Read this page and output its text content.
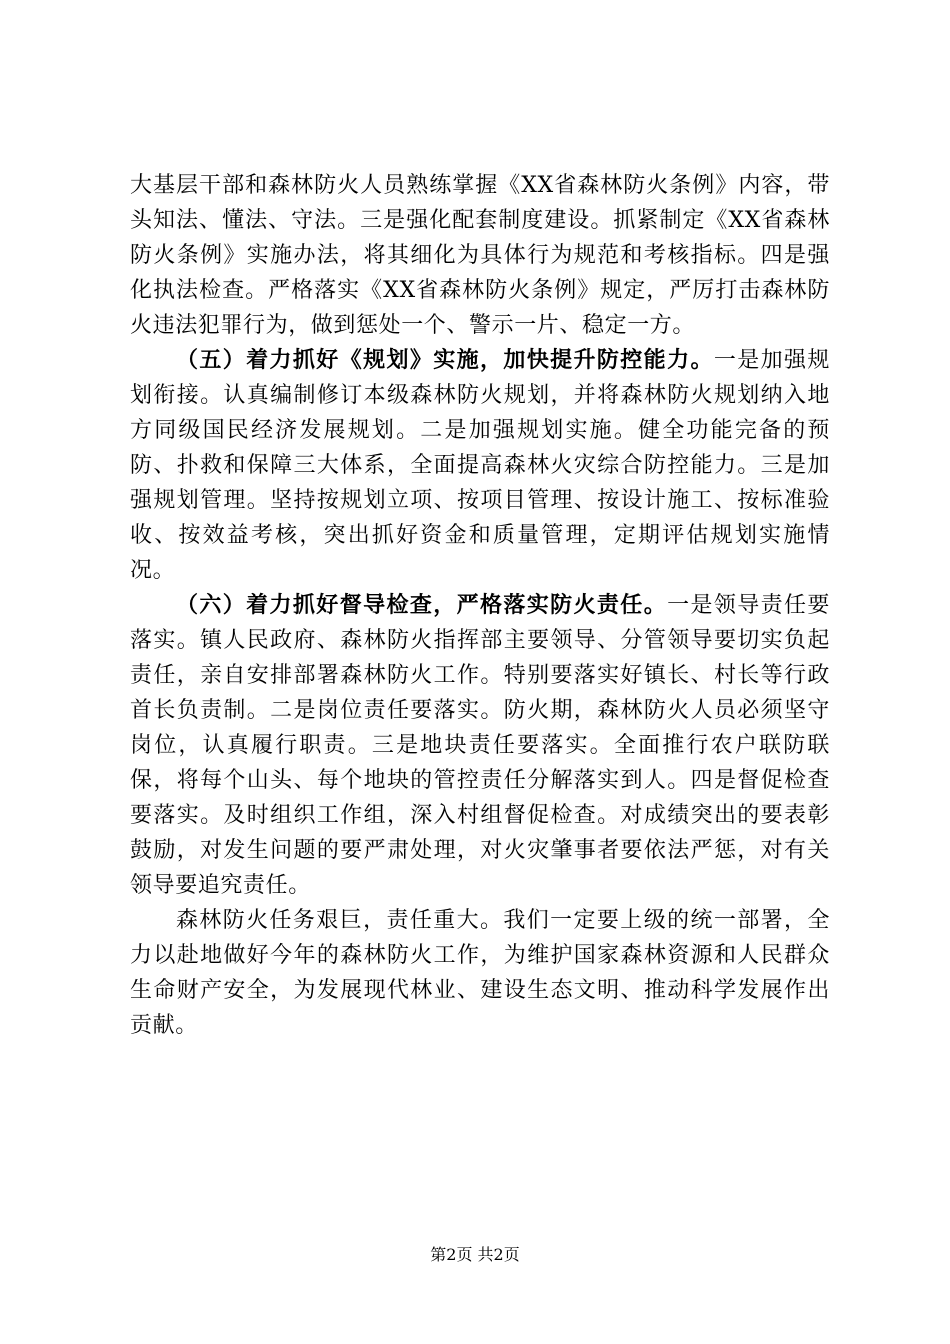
大基层干部和森林防火人员熟练掌握《XX省森林防火条例》内容，带头知法、懂法、守法。三是强化配套制度建设。抓紧制定《XX省森林防火条例》实施办法，将其细化为具体行为规范和考核指标。四是强化执法检查。严格落实《XX省森林防火条例》规定，严厉打击森林防火违法犯罪行为，做到惩处一个、警示一片、稳定一方。

（五）着力抓好《规划》实施，加快提升防控能力。一是加强规划衔接。认真编制修订本级森林防火规划，并将森林防火规划纳入地方同级国民经济发展规划。二是加强规划实施。健全功能完备的预防、扑救和保障三大体系，全面提高森林火灾综合防控能力。三是加强规划管理。坚持按规划立项、按项目管理、按设计施工、按标准验收、按效益考核，突出抓好资金和质量管理，定期评估规划实施情况。

（六）着力抓好督导检查，严格落实防火责任。一是领导责任要落实。镇人民政府、森林防火指挥部主要领导、分管领导要切实负起责任，亲自安排部署森林防火工作。特别要落实好镇长、村长等行政首长负责制。二是岗位责任要落实。防火期，森林防火人员必须坚守岗位，认真履行职责。三是地块责任要落实。全面推行农户联防联保，将每个山头、每个地块的管控责任分解落实到人。四是督促检查要落实。及时组织工作组，深入村组督促检查。对成绩突出的要表彰鼓励，对发生问题的要严肃处理，对火灾肇事者要依法严惩，对有关领导要追究责任。

森林防火任务艰巨，责任重大。我们一定要上级的统一部署，全力以赴地做好今年的森林防火工作，为维护国家森林资源和人民群众生命财产安全，为发展现代林业、建设生态文明、推动科学发展作出贡献。

第2页 共2页
